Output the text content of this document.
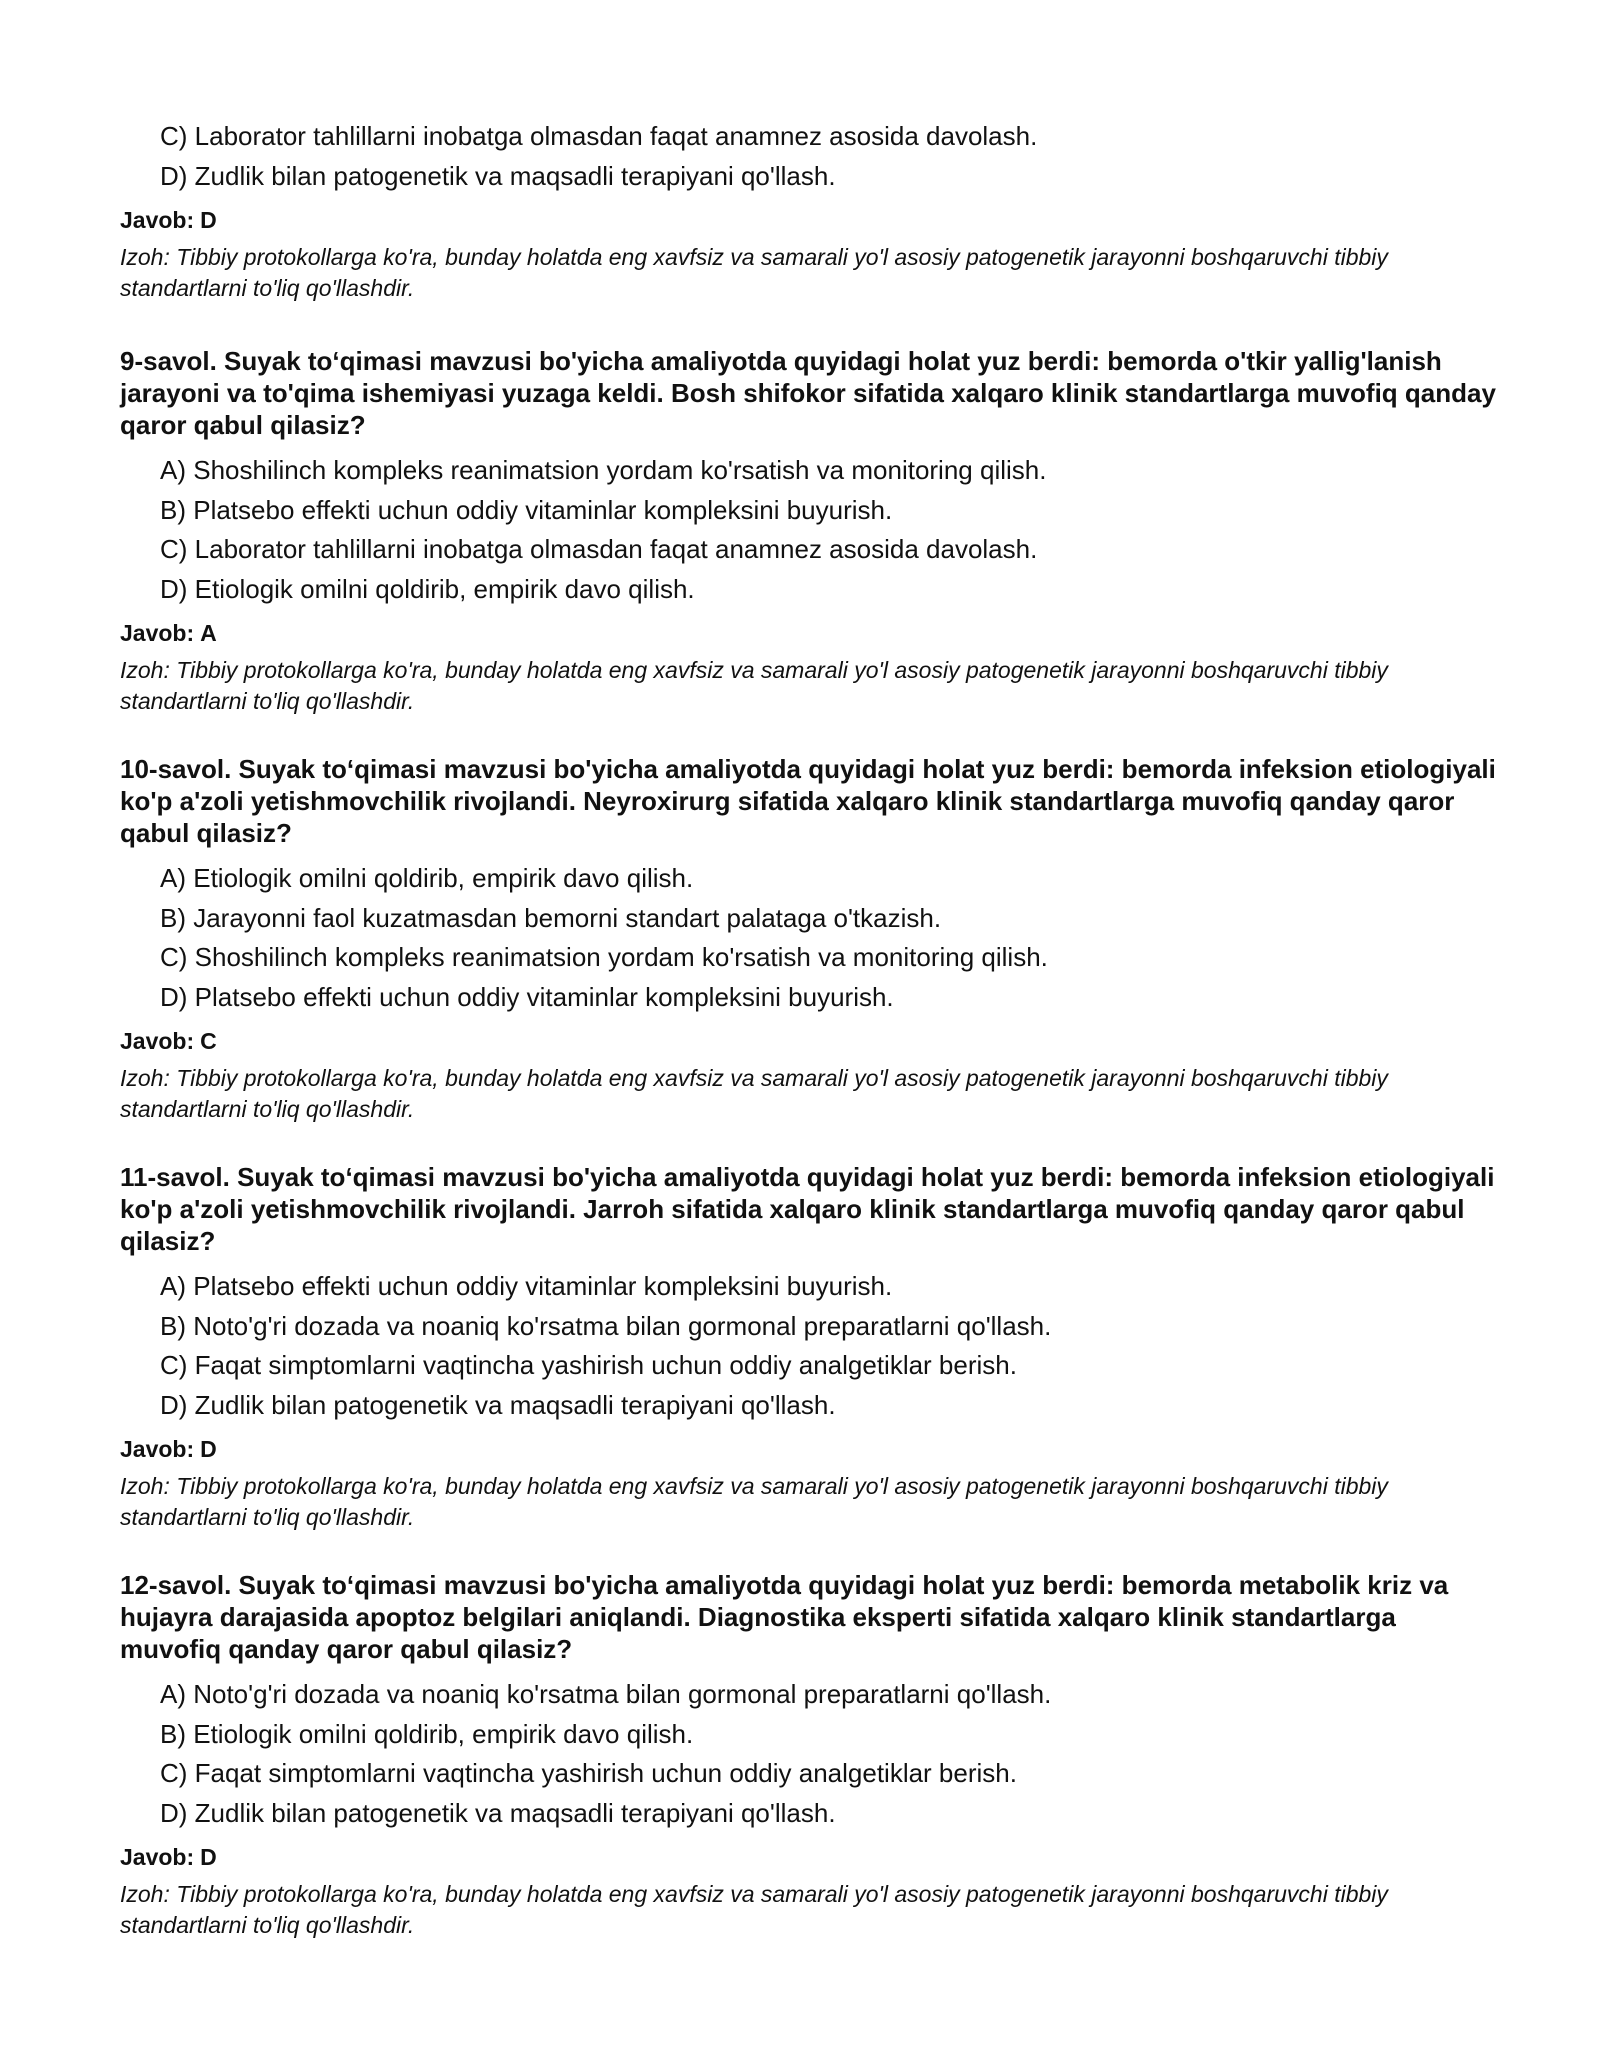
C) Laborator tahlillarni inobatga olmasdan faqat anamnez asosida davolash.
D) Zudlik bilan patogenetik va maqsadli terapiyani qo'llash.
Javob: D
Izoh: Tibbiy protokollarga ko'ra, bunday holatda eng xavfsiz va samarali yo'l asosiy patogenetik jarayonni boshqaruvchi tibbiy standartlarni to'liq qo'llashdir.
9-savol. Suyak to‘qimasi mavzusi bo'yicha amaliyotda quyidagi holat yuz berdi: bemorda o'tkir yallig'lanish jarayoni va to'qima ishemiyasi yuzaga keldi. Bosh shifokor sifatida xalqaro klinik standartlarga muvofiq qanday qaror qabul qilasiz?
A) Shoshilinch kompleks reanimatsion yordam ko'rsatish va monitoring qilish.
B) Platsebo effekti uchun oddiy vitaminlar kompleksini buyurish.
C) Laborator tahlillarni inobatga olmasdan faqat anamnez asosida davolash.
D) Etiologik omilni qoldirib, empirik davo qilish.
Javob: A
Izoh: Tibbiy protokollarga ko'ra, bunday holatda eng xavfsiz va samarali yo'l asosiy patogenetik jarayonni boshqaruvchi tibbiy standartlarni to'liq qo'llashdir.
10-savol. Suyak to‘qimasi mavzusi bo'yicha amaliyotda quyidagi holat yuz berdi: bemorda infeksion etiologiyali ko'p a'zoli yetishmovchilik rivojlandi. Neyroxirurg sifatida xalqaro klinik standartlarga muvofiq qanday qaror qabul qilasiz?
A) Etiologik omilni qoldirib, empirik davo qilish.
B) Jarayonni faol kuzatmasdan bemorni standart palataga o'tkazish.
C) Shoshilinch kompleks reanimatsion yordam ko'rsatish va monitoring qilish.
D) Platsebo effekti uchun oddiy vitaminlar kompleksini buyurish.
Javob: C
Izoh: Tibbiy protokollarga ko'ra, bunday holatda eng xavfsiz va samarali yo'l asosiy patogenetik jarayonni boshqaruvchi tibbiy standartlarni to'liq qo'llashdir.
11-savol. Suyak to‘qimasi mavzusi bo'yicha amaliyotda quyidagi holat yuz berdi: bemorda infeksion etiologiyali ko'p a'zoli yetishmovchilik rivojlandi. Jarroh sifatida xalqaro klinik standartlarga muvofiq qanday qaror qabul qilasiz?
A) Platsebo effekti uchun oddiy vitaminlar kompleksini buyurish.
B) Noto'g'ri dozada va noaniq ko'rsatma bilan gormonal preparatlarni qo'llash.
C) Faqat simptomlarni vaqtincha yashirish uchun oddiy analgetiklar berish.
D) Zudlik bilan patogenetik va maqsadli terapiyani qo'llash.
Javob: D
Izoh: Tibbiy protokollarga ko'ra, bunday holatda eng xavfsiz va samarali yo'l asosiy patogenetik jarayonni boshqaruvchi tibbiy standartlarni to'liq qo'llashdir.
12-savol. Suyak to‘qimasi mavzusi bo'yicha amaliyotda quyidagi holat yuz berdi: bemorda metabolik kriz va hujayra darajasida apoptoz belgilari aniqlandi. Diagnostika eksperti sifatida xalqaro klinik standartlarga muvofiq qanday qaror qabul qilasiz?
A) Noto'g'ri dozada va noaniq ko'rsatma bilan gormonal preparatlarni qo'llash.
B) Etiologik omilni qoldirib, empirik davo qilish.
C) Faqat simptomlarni vaqtincha yashirish uchun oddiy analgetiklar berish.
D) Zudlik bilan patogenetik va maqsadli terapiyani qo'llash.
Javob: D
Izoh: Tibbiy protokollarga ko'ra, bunday holatda eng xavfsiz va samarali yo'l asosiy patogenetik jarayonni boshqaruvchi tibbiy standartlarni to'liq qo'llashdir.
